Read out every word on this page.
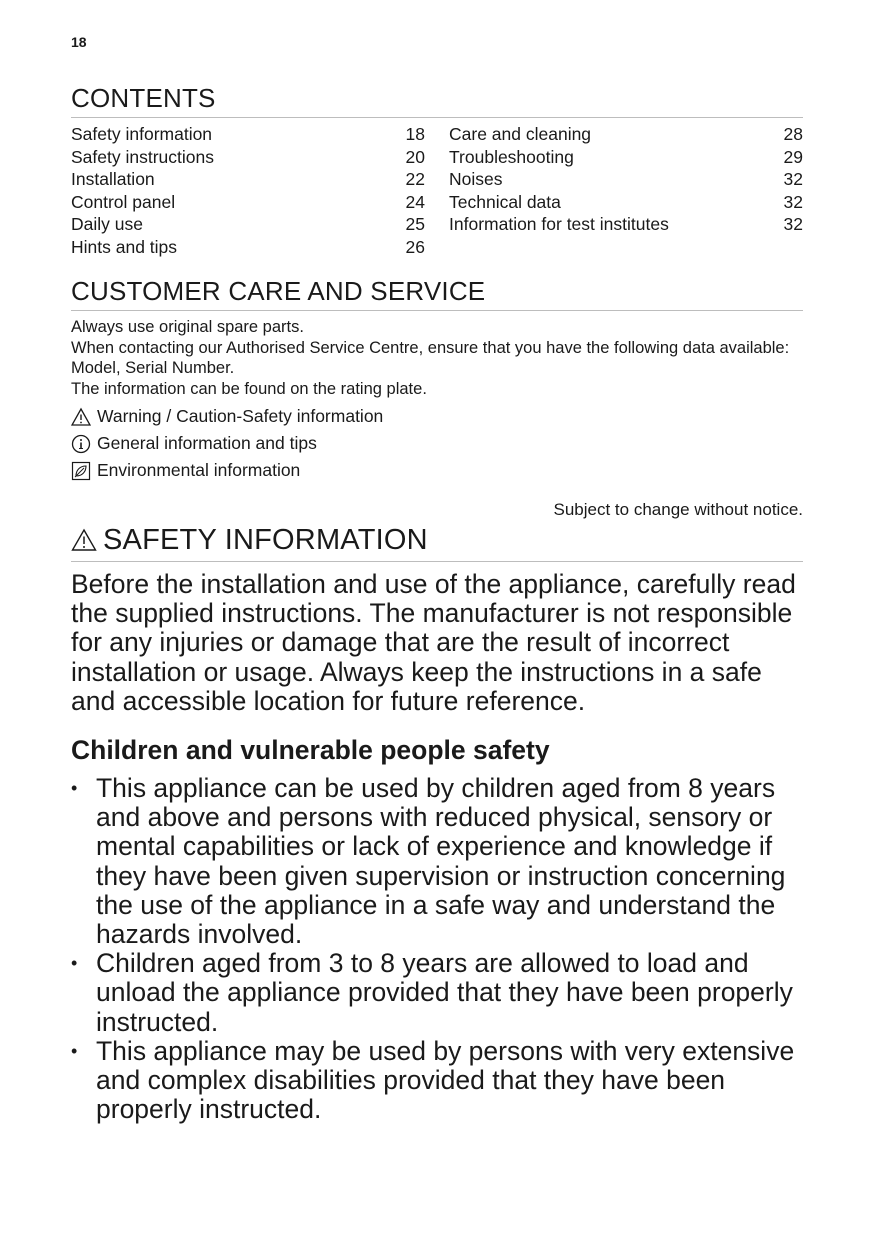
18
CONTENTS
Safety information	18
Safety instructions	20
Installation	22
Control panel	24
Daily use	25
Hints and tips	26
Care and cleaning	28
Troubleshooting	29
Noises	32
Technical data	32
Information for test institutes	32
CUSTOMER CARE AND SERVICE
Always use original spare parts.
When contacting our Authorised Service Centre, ensure that you have the following data available: Model, Serial Number.
The information can be found on the rating plate.
Warning / Caution-Safety information
General information and tips
Environmental information
Subject to change without notice.
SAFETY INFORMATION

Before the installation and use of the appliance, carefully read the supplied instructions. The manufacturer is not responsible for any injuries or damage that are the result of incorrect installation or usage. Always keep the instructions in a safe and accessible location for future reference.

Children and vulnerable people safety
• This appliance can be used by children aged from 8 years and above and persons with reduced physical, sensory or mental capabilities or lack of experience and knowledge if they have been given supervision or instruction concerning the use of the appliance in a safe way and understand the hazards involved.
• Children aged from 3 to 8 years are allowed to load and unload the appliance provided that they have been properly instructed.
• This appliance may be used by persons with very extensive and complex disabilities provided that they have been properly instructed.
